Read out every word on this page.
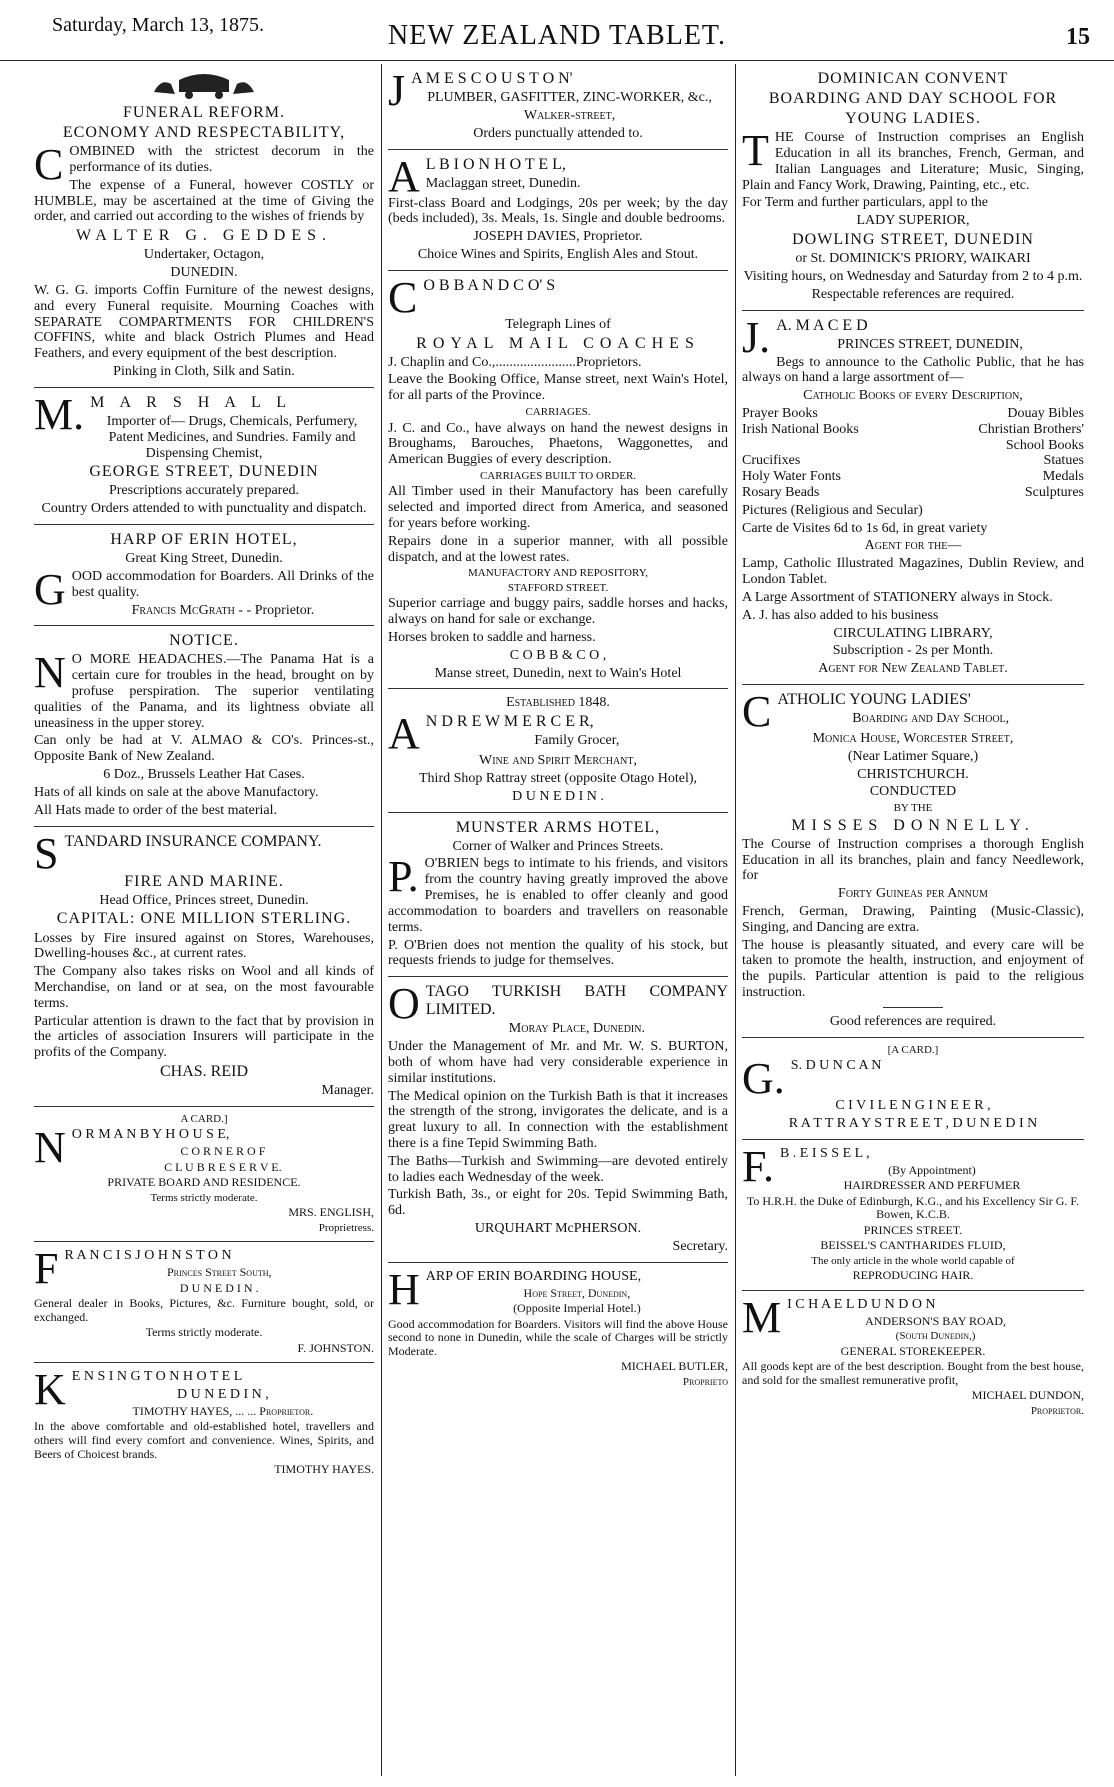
Saturday, March 13, 1875.	NEW ZEALAND TABLET.	15
FUNERAL REFORM.
ECONOMY AND RESPECTABILITY,

COMBINED with the strictest decorum in the performance of its duties.

The expense of a Funeral, however COSTLY or HUMBLE, may be ascertained at the time of Giving the order, and carried out according to the wishes of friends by

WALTER G. GEDDES.

Undertaker, Octagon,

DUNEDIN.

W. G. G. imports Coffin Furniture of the newest designs, and every Funeral requisite. Mourning Coaches with SEPARATE COMPARTMENTS FOR CHILDREN'S COFFINS, white and black Ostrich Plumes and Head Feathers, and every equipment of the best description.

Pinking in Cloth, Silk and Satin.

M. M A R S H A L L

Importer of— Drugs, Chemicals, Perfumery, Patent Medicines, and Sundries. Family and Dispensing Chemist,

GEORGE STREET, DUNEDIN

Prescriptions accurately prepared.

Country Orders attended to with punctuality and dispatch.

HARP OF ERIN HOTEL,

Great King Street, Dunedin.

GOOD accommodation for Boarders. All Drinks of the best quality.

Francis McGrath - - Proprietor.

NOTICE.

N O MORE HEADACHES.—The Panama Hat is a certain cure for troubles in the head, brought on by profuse perspiration. The superior ventilating qualities of the Panama, and its lightness obviate all uneasiness in the upper storey.

Can only be had at V. ALMAO & CO's. Princes-st., Opposite Bank of New Zealand.

6 Doz., Brussels Leather Hat Cases.

Hats of all kinds on sale at the above Manufactory.

All Hats made to order of the best material.

STANDARD INSURANCE COMPANY.

FIRE AND MARINE.

Head Office, Princes street, Dunedin.

CAPITAL: ONE MILLION STERLING.

Losses by Fire insured against on Stores, Warehouses, Dwelling-houses &c., at current rates.

The Company also takes risks on Wool and all kinds of Merchandise, on land or at sea, on the most favourable terms.

Particular attention is drawn to the fact that by provision in the articles of association Insurers will participate in the profits of the Company.

CHAS. REID

Manager.

A CARD.]

N O R M A N B Y H O U S E,

C O R N E R O F

C L U B R E S E R V E.

PRIVATE BOARD AND RESIDENCE.

Terms strictly moderate.

MRS. ENGLISH,

Proprietress.

F R A N C I S J O H N S T O N

Princes Street South,

D U N E D I N .

General dealer in Books, Pictures, &c. Furniture bought, sold, or exchanged.

Terms strictly moderate.

F. JOHNSTON.

K E N S I N G T O N H O T E L

D U N E D I N ,

TIMOTHY HAYES, ... ... Proprietor.

In the above comfortable and old-established hotel, travellers and others will find every comfort and convenience. Wines, Spirits, and Beers of Choicest brands.

TIMOTHY HAYES.

J A M E S C O U S T O N'

PLUMBER, GASFITTER, ZINC-WORKER, &c.,

Walker-street,

Orders punctually attended to.

A L B I O N H O T E L,

Maclaggan street, Dunedin.

First-class Board and Lodgings, 20s per week; by the day (beds included), 3s. Meals, 1s. Single and double bedrooms.

JOSEPH DAVIES, Proprietor.

Choice Wines and Spirits, English Ales and Stout.

C O B B A N D C O' S

Telegraph Lines of

ROYAL MAIL COACHES

J. Chaplin and Co.,.......................Proprietors.

Leave the Booking Office, Manse street, next Wain's Hotel, for all parts of the Province.

CARRIAGES.

J. C. and Co., have always on hand the newest designs in Broughams, Barouches, Phaetons, Waggonettes, and American Buggies of every description.

CARRIAGES BUILT TO ORDER.

All Timber used in their Manufactory has been carefully selected and imported direct from America, and seasoned for years before working.

Repairs done in a superior manner, with all possible dispatch, and at the lowest rates.

MANUFACTORY AND REPOSITORY,

STAFFORD STREET.

Superior carriage and buggy pairs, saddle horses and hacks, always on hand for sale or exchange.

Horses broken to saddle and harness.

C O B B & C O ,

Manse street, Dunedin, next to Wain's Hotel

Established 1848.

A N D R E W M E R C E R,

Family Grocer,

Wine and Spirit Merchant,

Third Shop Rattray street (opposite Otago Hotel),

D U N E D I N .

MUNSTER ARMS HOTEL,

Corner of Walker and Princes Streets.

P. O'BRIEN begs to intimate to his friends, and visitors from the country having greatly improved the above Premises, he is enabled to offer cleanly and good accommodation to boarders and travellers on reasonable terms.

P. O'Brien does not mention the quality of his stock, but requests friends to judge for themselves.

OTAGO TURKISH BATH COMPANY LIMITED.

Moray Place, Dunedin.

Under the Management of Mr. and Mr. W. S. BURTON, both of whom have had very considerable experience in similar institutions.

The Medical opinion on the Turkish Bath is that it increases the strength of the strong, invigorates the delicate, and is a great luxury to all. In connection with the establishment there is a fine Tepid Swimming Bath.

The Baths—Turkish and Swimming—are devoted entirely to ladies each Wednesday of the week.

Turkish Bath, 3s., or eight for 20s. Tepid Swimming Bath, 6d.

URQUHART McPHERSON.

Secretary.

HARP OF ERIN BOARDING HOUSE,

Hope Street, Dunedin,

(Opposite Imperial Hotel.)

Good accommodation for Boarders. Visitors will find the above House second to none in Dunedin, while the scale of Charges will be strictly Moderate.

MICHAEL BUTLER,

Proprieto

DOMINICAN CONVENT
BOARDING AND DAY SCHOOL FOR
YOUNG LADIES.

THE Course of Instruction comprises an English Education in all its branches, French, German, and Italian Languages and Literature; Music, Singing, Plain and Fancy Work, Drawing, Painting, etc., etc.

For Term and further particulars, appl to the

LADY SUPERIOR,

DOWLING STREET, DUNEDIN

or St. DOMINICK'S PRIORY, WAIKARI

Visiting hours, on Wednesday and Saturday from 2 to 4 p.m.

Respectable references are required.

J. A. M A C E D

PRINCES STREET, DUNEDIN,

Begs to announce to the Catholic Public, that he has always on hand a large assortment of—

Catholic Books of every Description,

Prayer Books	Douay Bibles
Irish National Books	Christian Brothers' School Books
Crucifixes	Statues
Holy Water Fonts	Medals
Rosary Beads	Sculptures

Pictures (Religious and Secular)

Carte de Visites 6d to 1s 6d, in great variety

Agent for the—

Lamp, Catholic Illustrated Magazines, Dublin Review, and London Tablet.

A Large Assortment of STATIONERY always in Stock.

A. J. has also added to his business

CIRCULATING LIBRARY,

Subscription - 2s per Month.

Agent for New Zealand Tablet.

CATHOLIC YOUNG LADIES'

Boarding and Day School,

Monica House, Worcester Street,

(Near Latimer Square,)

CHRISTCHURCH.

CONDUCTED

BY THE

MISSES DONNELLY.

The Course of Instruction comprises a thorough English Education in all its branches, plain and fancy Needlework, for

Forty Guineas per Annum

French, German, Drawing, Painting (Music-Classic), Singing, and Dancing are extra.

The house is pleasantly situated, and every care will be taken to promote the health, instruction, and enjoyment of the pupils. Particular attention is paid to the religious instruction.

Good references are required.

[A CARD.]

G. S. D U N C A N

C I V I L E N G I N E E R ,

R A T T R A Y S T R E E T , D U N E D I N

F. B . E I S S E L ,

(By Appointment)

HAIRDRESSER AND PERFUMER

To H.R.H. the Duke of Edinburgh, K.G., and his Excellency Sir G. F. Bowen, K.C.B.

PRINCES STREET.

BEISSEL'S CANTHARIDES FLUID,

The only article in the whole world capable of

REPRODUCING HAIR.

M I C H A E L D U N D O N

ANDERSON'S BAY ROAD,

(South Dunedin,)

GENERAL STOREKEEPER.

All goods kept are of the best description. Bought from the best house, and sold for the smallest remunerative profit,

MICHAEL DUNDON,

Proprietor.
